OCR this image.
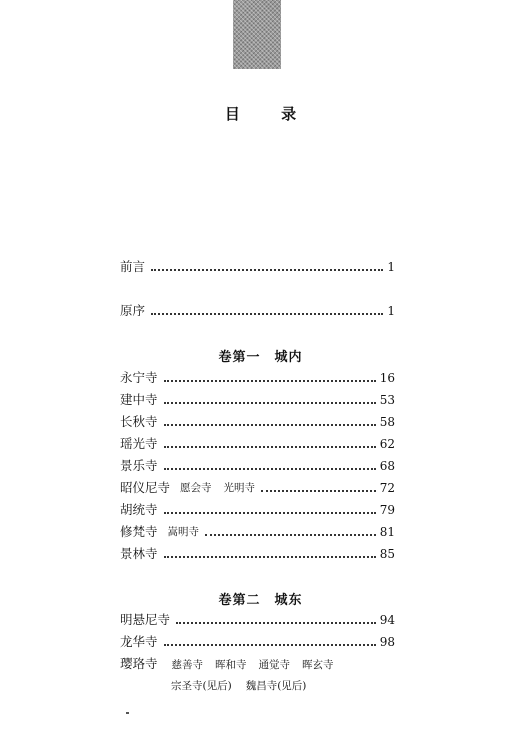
目 录
前言	1
原序	1
卷第一 城内
永宁寺	16
建中寺	53
长秋寺	58
瑶光寺	62
景乐寺	68
昭仪尼寺 愿会寺 光明寺	72
胡统寺	79
修梵寺 嵩明寺	81
景林寺	85
卷第二 城东
明悬尼寺	94
龙华寺	98
璎珞寺 慈善寺 晖和寺 通觉寺 晖玄寺
宗圣寺(见后) 魏昌寺(见后)
